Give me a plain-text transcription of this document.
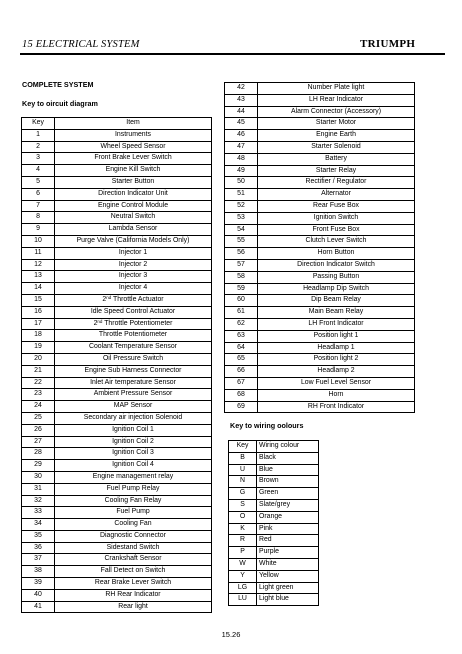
15 ELECTRICAL SYSTEM	TRIUMPH
COMPLETE SYSTEM
Key to oircuit diagram
Key	Item
1	Instruments
2	Wheel Speed Sensor
3	Front Brake Lever Switch
4	Engine Kill Switch
5	Starter Button
6	Direction Indicator Unit
7	Engine Control Module
8	Neutral Switch
9	Lambda Sensor
10	Purge Valve (California Models Only)
11	Injector 1
12	Injector 2
13	Injector 3
14	Injector 4
15	2nd Throttle Actuator
16	Idle Speed Control Actuator
17	2nd Throttle Potentiometer
18	Throttle Potentiometer
19	Coolant Temperature Sensor
20	Oil Pressure Switch
21	Engine Sub Harness Connector
22	Inlet Air temperature Sensor
23	Ambient Pressure Sensor
24	MAP Sensor
25	Secondary air injection Solenoid
26	Ignition Coil 1
27	Ignition Coil 2
28	Ignition Coil 3
29	Ignition Coil 4
30	Engine management relay
31	Fuel Pump Relay
32	Cooling Fan Relay
33	Fuel Pump
34	Cooling Fan
35	Diagnostic Connector
36	Sidestand Switch
37	Crankshaft Sensor
38	Fall Detect on Switch
39	Rear Brake Lever Switch
40	RH Rear Indicator
41	Rear light
42	Number Plate light
43	LH Rear Indicator
44	Alarm Connector (Accessory)
45	Starter Motor
46	Engine Earth
47	Starter Solenoid
48	Battery
49	Starter Relay
50	Rectifier / Regulator
51	Alternator
52	Rear Fuse Box
53	Ignition Switch
54	Front Fuse Box
55	Clutch Lever Switch
56	Horn Button
57	Direction Indicator Switch
58	Passing Button
59	Headlamp Dip Switch
60	Dip Beam Relay
61	Main Beam Relay
62	LH Front Indicator
63	Position light 1
64	Headlamp 1
65	Position light 2
66	Headlamp 2
67	Low Fuel Level Sensor
68	Horn
69	RH Front Indicator
Key to wiring oolours
Key	Wiring colour
B	Black
U	Blue
N	Brown
G	Green
S	Slate/grey
O	Orange
K	Pink
R	Red
P	Purple
W	White
Y	Yellow
LG	Light green
LU	Light blue
15.26
